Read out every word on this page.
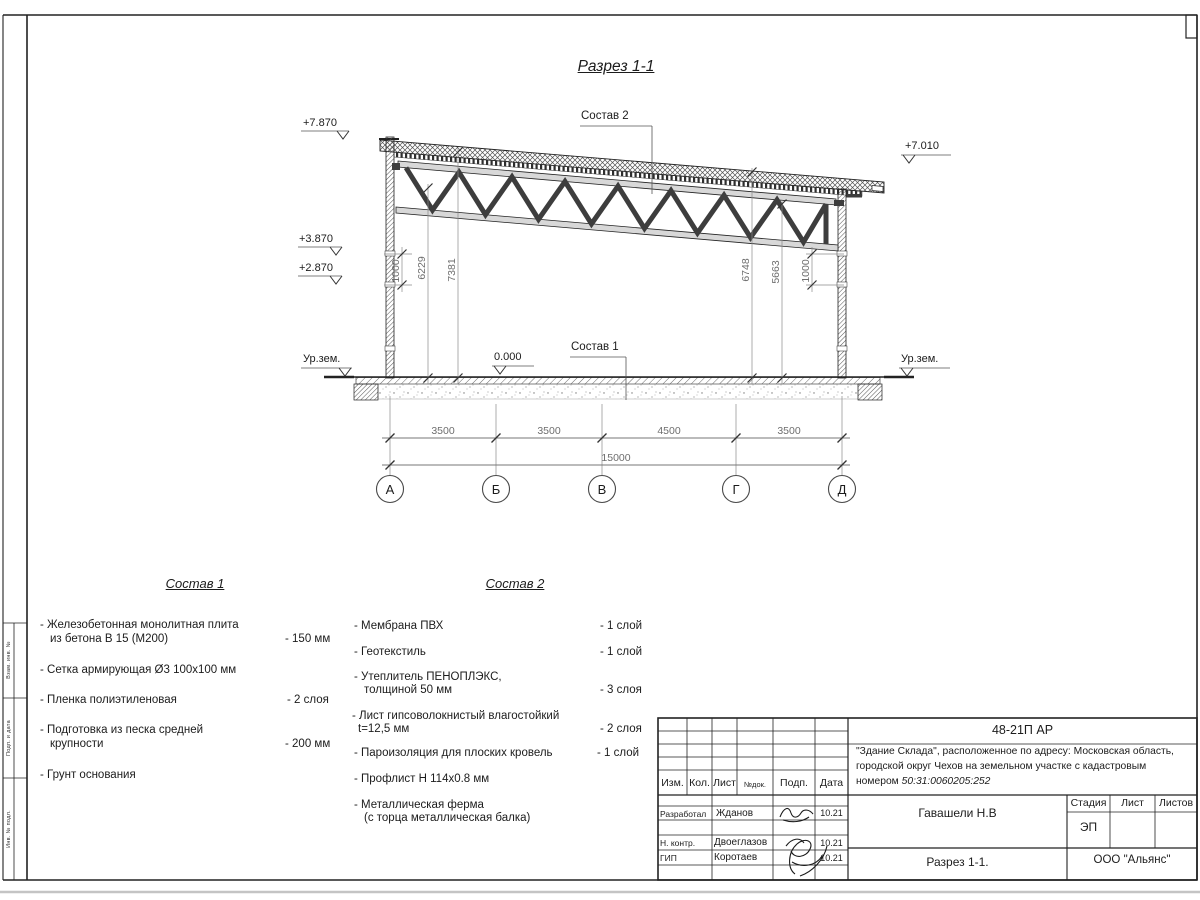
Разрез 1-1
+7.870
Состав 2
+7.010
+3.870
+2.870
Ур.зем.	0.000
Состав 1
Ур.зем.
1000 6229 7381	6748 5663 1000
3500	3500	4500	3500
15000
А	Б	В	Г	Д
Состав 1
- Железобетонная монолитная плита
из бетона В 15 (М200)	- 150 мм
- Сетка армирующая Ø3 100х100 мм
- Пленка полиэтиленовая	- 2 слоя
- Подготовка из песка средней
крупности	- 200 мм
- Грунт основания
Состав 2
- Мембрана ПВХ	- 1 слой
- Геотекстиль	- 1 слой
- Утеплитель ПЕНОПЛЭКС,
толщиной 50 мм	- 3 слоя
- Лист гипсоволокнистый влагостойкий
t=12,5 мм	- 2 слоя
- Пароизоляция для плоских кровель	- 1 слой
- Профлист Н 114х0.8 мм
- Металлическая ферма
(с торца металлическая балка)
48-21П АР
"Здание Склада", расположенное по адресу: Московская область,
городской округ Чехов на земельном участке с кадастровым
номером 50:31:0060205:252
Изм. Кол. Лист	№док.	Подп.	Дата
Разработал Жданов	10.21
Н. контр. Двоеглазов	10.21
ГИП	Коротаев	10.21
Гавашели Н.В
Стадия	Лист	Листов
ЭП
Разрез 1-1.	ООО "Альянс"
Взам. инв. №
Подп. и дата
Инв. № подл.
